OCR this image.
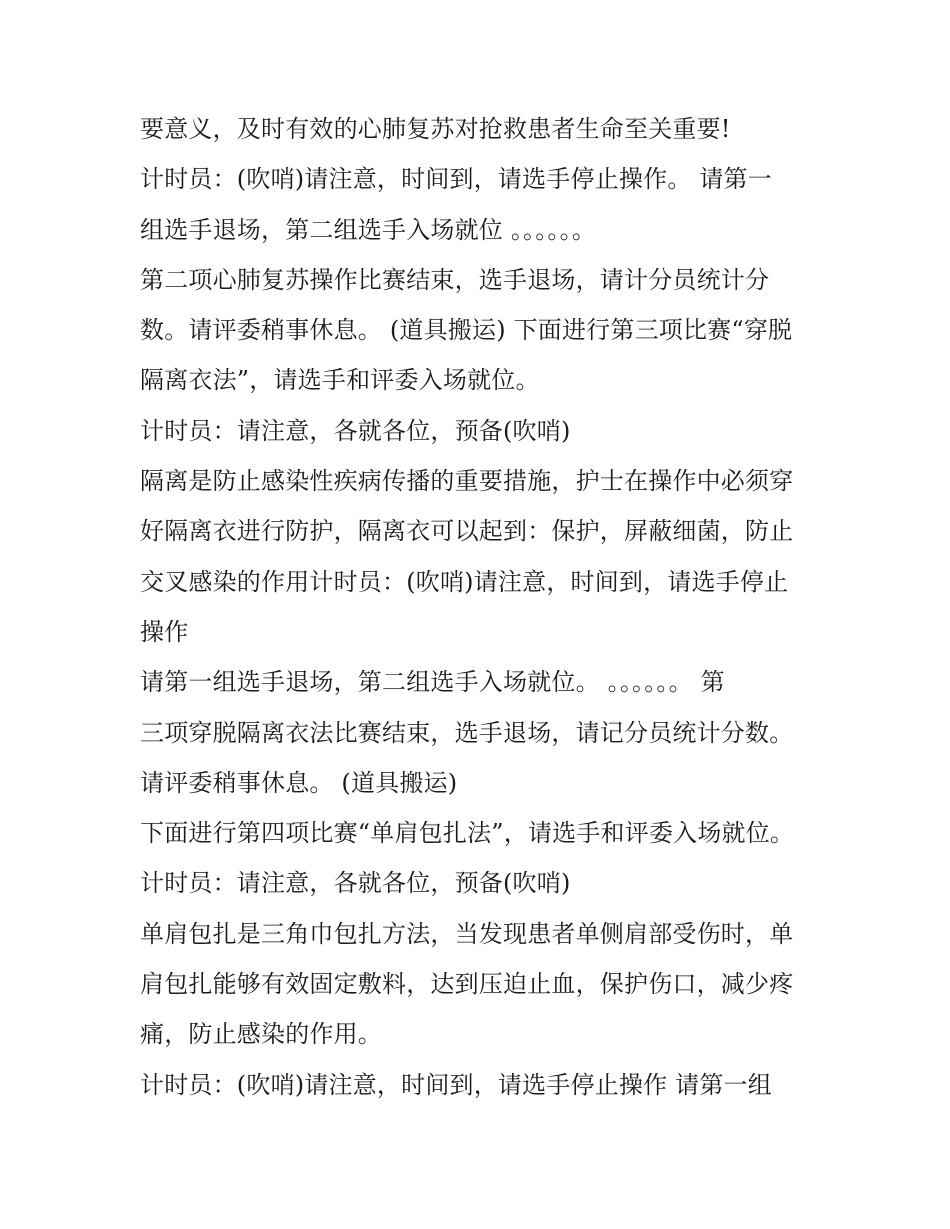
要意义，及时有效的心肺复苏对抢救患者生命至关重要!
计时员：(吹哨)请注意，时间到，请选手停止操作。 请第一
组选手退场，第二组选手入场就位 。。。。。。
第二项心肺复苏操作比赛结束，选手退场，请计分员统计分
数。请评委稍事休息。 (道具搬运) 下面进行第三项比赛“穿脱
隔离衣法”，请选手和评委入场就位。
计时员：请注意，各就各位，预备(吹哨)
隔离是防止感染性疾病传播的重要措施，护士在操作中必须穿
好隔离衣进行防护，隔离衣可以起到：保护，屏蔽细菌，防止
交叉感染的作用计时员：(吹哨)请注意，时间到，请选手停止
操作
请第一组选手退场，第二组选手入场就位。 。。。。。。 第
三项穿脱隔离衣法比赛结束，选手退场，请记分员统计分数。
请评委稍事休息。 (道具搬运)
下面进行第四项比赛“单肩包扎法”，请选手和评委入场就位。
计时员：请注意，各就各位，预备(吹哨)
单肩包扎是三角巾包扎方法，当发现患者单侧肩部受伤时，单
肩包扎能够有效固定敷料，达到压迫止血，保护伤口，减少疼
痛，防止感染的作用。
计时员：(吹哨)请注意，时间到，请选手停止操作 请第一组
